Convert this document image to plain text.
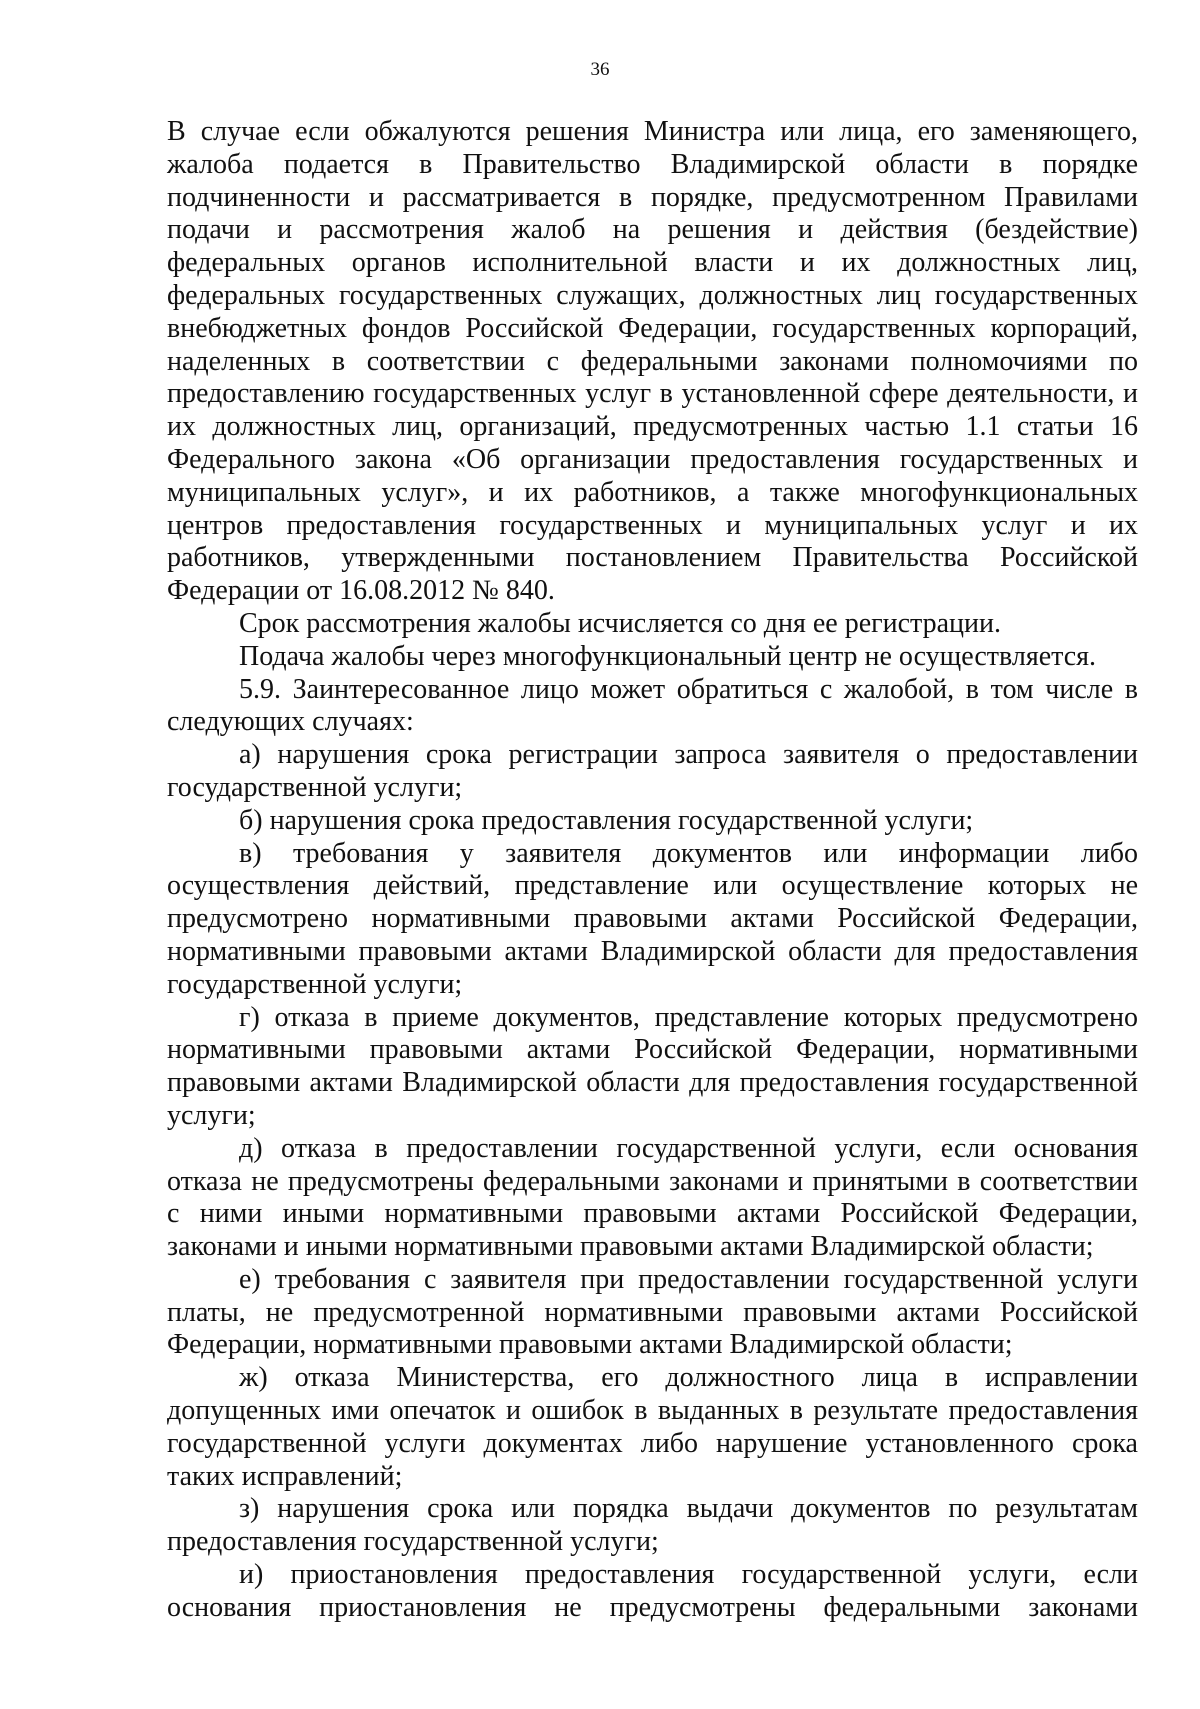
36

В случае если обжалуются решения Министра или лица, его заменяющего, жалоба подается в Правительство Владимирской области в порядке подчиненности и рассматривается в порядке, предусмотренном Правилами подачи и рассмотрения жалоб на решения и действия (бездействие) федеральных органов исполнительной власти и их должностных лиц, федеральных государственных служащих, должностных лиц государственных внебюджетных фондов Российской Федерации, государственных корпораций, наделенных в соответствии с федеральными законами полномочиями по предоставлению государственных услуг в установленной сфере деятельности, и их должностных лиц, организаций, предусмотренных частью 1.1 статьи 16 Федерального закона «Об организации предоставления государственных и муниципальных услуг», и их работников, а также многофункциональных центров предоставления государственных и муниципальных услуг и их работников, утвержденными постановлением Правительства Российской Федерации от 16.08.2012 № 840.

Срок рассмотрения жалобы исчисляется со дня ее регистрации.

Подача жалобы через многофункциональный центр не осуществляется.

5.9. Заинтересованное лицо может обратиться с жалобой, в том числе в следующих случаях:

а) нарушения срока регистрации запроса заявителя о предоставлении государственной услуги;

б) нарушения срока предоставления государственной услуги;

в) требования у заявителя документов или информации либо осуществления действий, представление или осуществление которых не предусмотрено нормативными правовыми актами Российской Федерации, нормативными правовыми актами Владимирской области для предоставления государственной услуги;

г) отказа в приеме документов, представление которых предусмотрено нормативными правовыми актами Российской Федерации, нормативными правовыми актами Владимирской области для предоставления государственной услуги;

д) отказа в предоставлении государственной услуги, если основания отказа не предусмотрены федеральными законами и принятыми в соответствии с ними иными нормативными правовыми актами Российской Федерации, законами и иными нормативными правовыми актами Владимирской области;

е) требования с заявителя при предоставлении государственной услуги платы, не предусмотренной нормативными правовыми актами Российской Федерации, нормативными правовыми актами Владимирской области;

ж) отказа Министерства, его должностного лица в исправлении допущенных ими опечаток и ошибок в выданных в результате предоставления государственной услуги документах либо нарушение установленного срока таких исправлений;

з) нарушения срока или порядка выдачи документов по результатам предоставления государственной услуги;

и) приостановления предоставления государственной услуги, если основания приостановления не предусмотрены федеральными законами
